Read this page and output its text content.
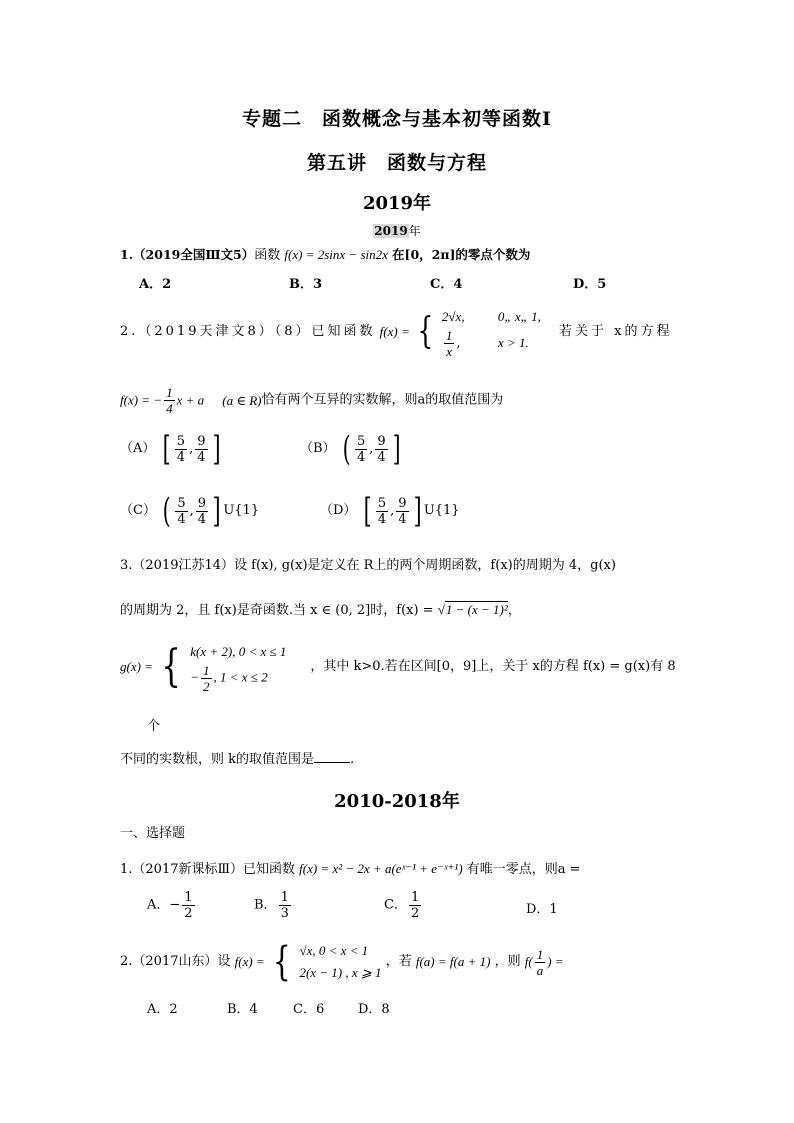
专题二　函数概念与基本初等函数Ⅰ
第五讲　函数与方程
2019年
2019年
1.（2019全国Ⅲ文5）函数 f(x) = 2sinx − sin2x 在[0，2π]的零点个数为
A．2	B．3	C．4	D．5
2.（2019天津文8）（8）已知函数 f(x) = { 2√x,	0„ x„ 1,
$\frac{1}{x}$ ,	x > 1.
若关于 x的方程
f(x) = − $\frac{1}{4}$ x + a (a ∈ R)恰有两个互异的实数解，则a的取值范围为
（A） [ $\frac{5}{4}$ , $\frac{9}{4}$ ]	（B） ( $\frac{5}{4}$ , $\frac{9}{4}$ ]
（C） ( $\frac{5}{4}$ , $\frac{9}{4}$ ] U{1}	（D） [ $\frac{5}{4}$ , $\frac{9}{4}$ ] U{1}
3.（2019江苏14）设 f(x), g(x)是定义在 R上的两个周期函数，f(x)的周期为 4，g(x)
的周期为 2，且 f(x)是奇函数.当 x ∈ (0, 2]时，f(x) = √1 − (x − 1)²，
g(x) = { k(x + 2), 0 < x ≤ 1
− $\frac{1}{2}$ , 1 < x ≤ 2
，其中 k>0.若在区间[0，9]上，关于 x的方程 f(x) = g(x)有 8
个
不同的实数根，则 k的取值范围是	.
2010-2018年
一、选择题
1.（2017新课标Ⅲ）已知函数 f(x) = x² − 2x + a(eˣ⁻¹ + e⁻ˣ⁺¹) 有唯一零点，则a =
A．− $\frac{1}{2}$	B． $\frac{1}{3}$	C． $\frac{1}{2}$	D．1
2.（2017山东）设 f(x) = { √x, 0 < x < 1
2(x − 1) , x ⩾ 1
，若 f(a) = f(a + 1) ，则 $f( \frac{1}{a}$ ) =
A．2	B．4	C．6	D．8
